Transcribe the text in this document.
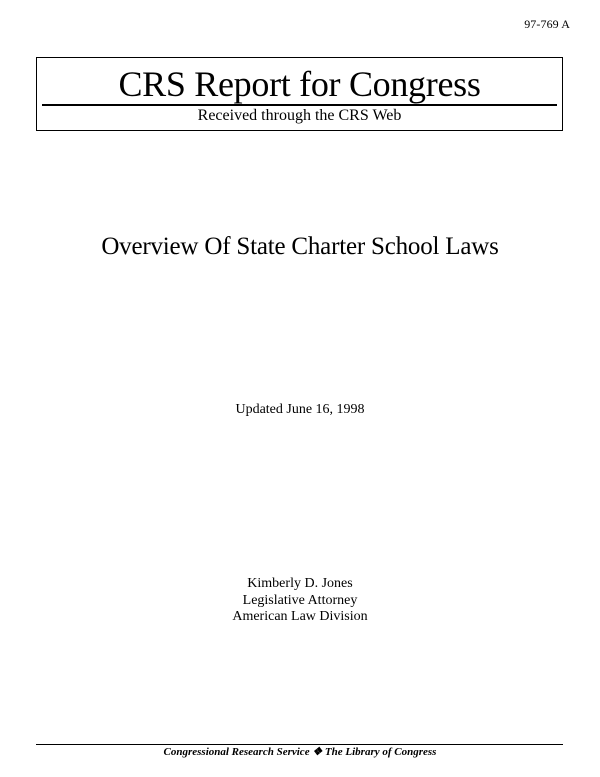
97-769 A
CRS Report for Congress
Received through the CRS Web
Overview Of State Charter School Laws
Updated June 16, 1998
Kimberly D. Jones
Legislative Attorney
American Law Division
Congressional Research Service ❖ The Library of Congress
